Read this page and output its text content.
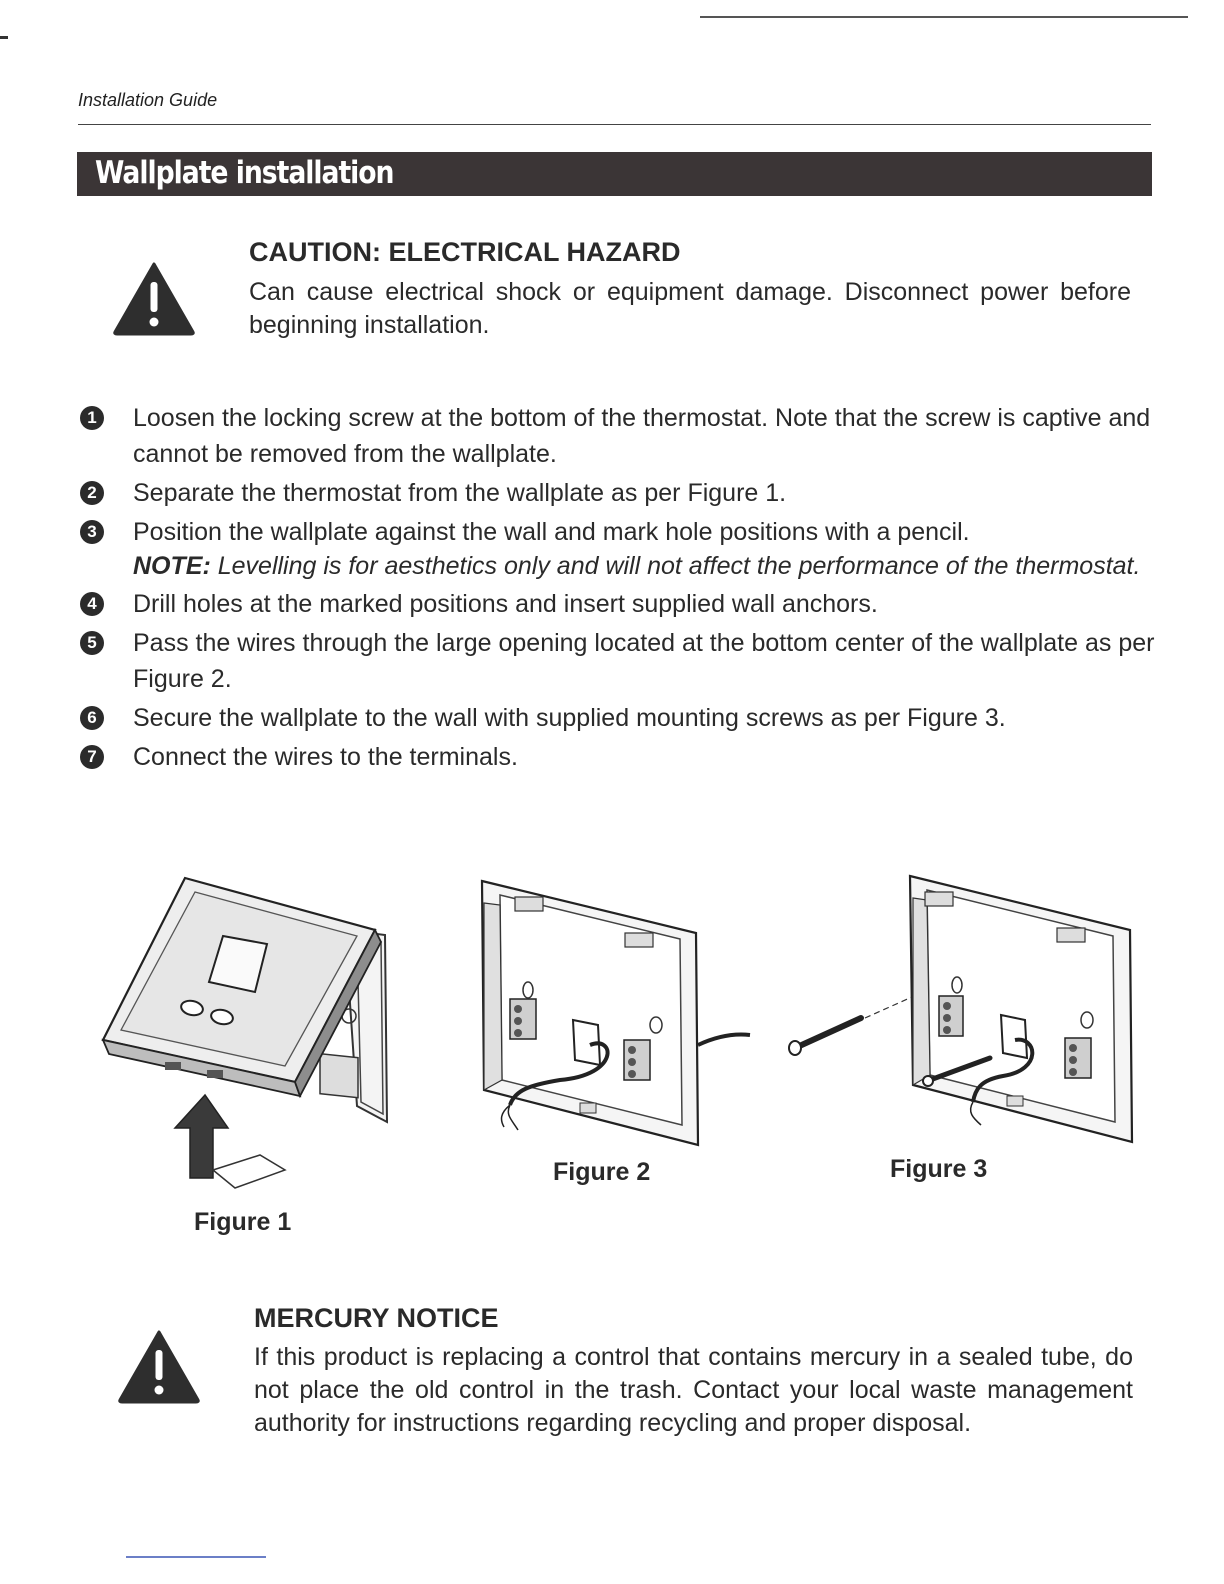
Installation Guide
Wallplate installation
CAUTION: ELECTRICAL HAZARD
Can cause electrical shock or equipment damage. Disconnect power before beginning installation.
1 Loosen the locking screw at the bottom of the thermostat. Note that the screw is captive and cannot be removed from the wallplate.
2 Separate the thermostat from the wallplate as per Figure 1.
3 Position the wallplate against the wall and mark hole positions with a pencil.
NOTE: Levelling is for aesthetics only and will not affect the performance of the thermostat.
4 Drill holes at the marked positions and insert supplied wall anchors.
5 Pass the wires through the large opening located at the bottom center of the wallplate as per Figure 2.
6 Secure the wallplate to the wall with supplied mounting screws as per Figure 3.
7 Connect the wires to the terminals.
Figure 1
Figure 2	Figure 3
MERCURY NOTICE
If this product is replacing a control that contains mercury in a sealed tube, do not place the old control in the trash. Contact your local waste management authority for instructions regarding recycling and proper disposal.
